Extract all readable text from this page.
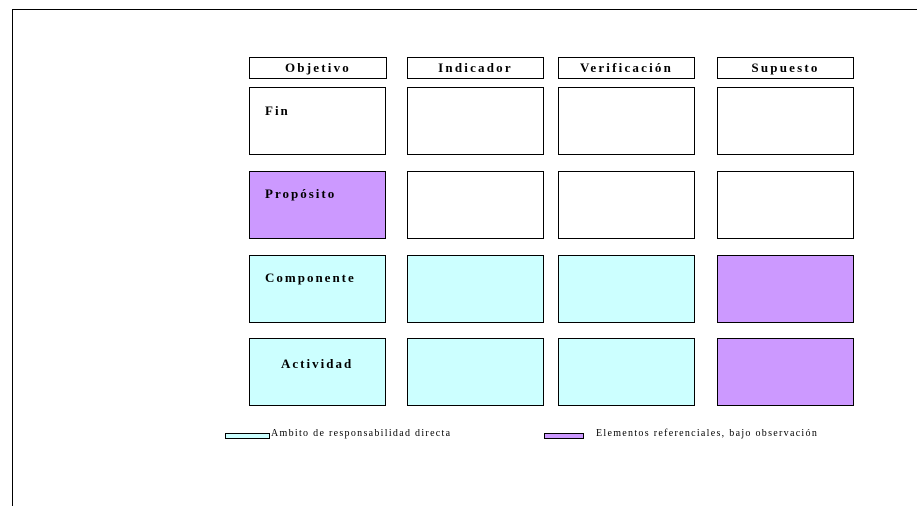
Objetivo	Indicador	Verificación	Supuesto
Fin
Propósito
Componente
Actividad
Ambito de responsabilidad directa	Elementos referenciales, bajo observación
